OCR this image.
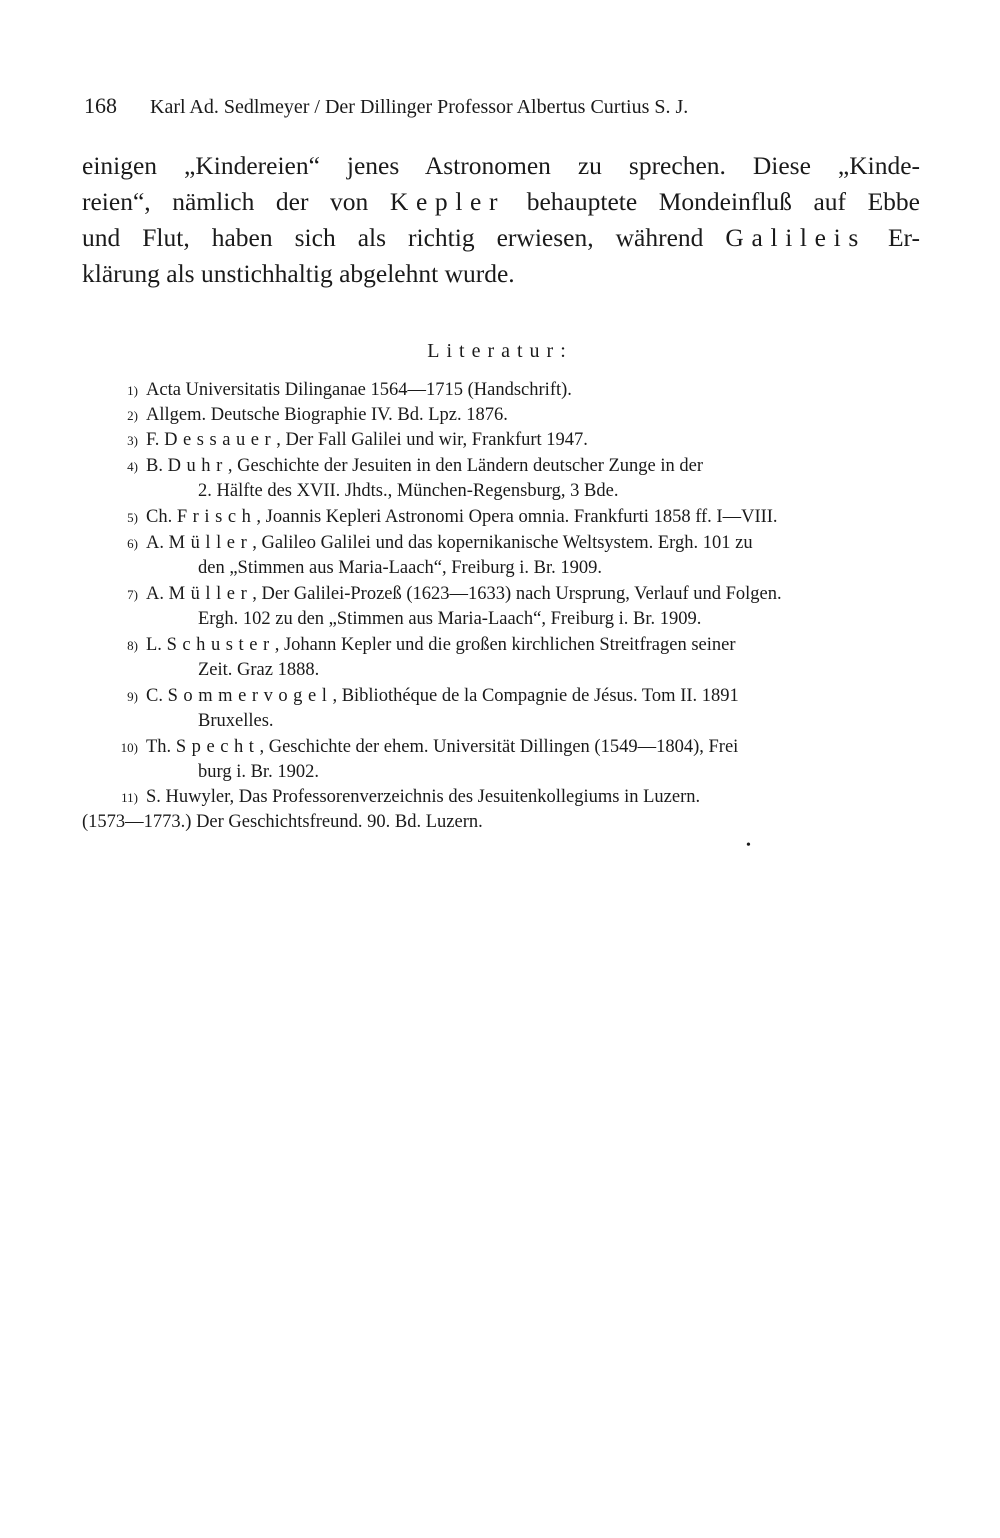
168 Karl Ad. Sedlmeyer / Der Dillinger Professor Albertus Curtius S. J.
einigen „Kindereien“ jenes Astronomen zu sprechen. Diese „Kinde-
reien“, nämlich der von Kepler behauptete Mondeinfluß auf Ebbe
und Flut, haben sich als richtig erwiesen, während Galileis Er-
klärung als unstichhaltig abgelehnt wurde.
Literatur:
1) Acta Universitatis Dilinganae 1564—1715 (Handschrift).
2) Allgem. Deutsche Biographie IV. Bd. Lpz. 1876.
3) F. Dessauer, Der Fall Galilei und wir, Frankfurt 1947.
4) B. Duhr, Geschichte der Jesuiten in den Ländern deutscher Zunge in der
2. Hälfte des XVII. Jhdts., München-Regensburg, 3 Bde.
5) Ch. Frisch, Joannis Kepleri Astronomi Opera omnia. Frankfurti 1858 ff. I—VIII.
6) A. Müller, Galileo Galilei und das kopernikanische Weltsystem. Ergh. 101 zu
den „Stimmen aus Maria-Laach“, Freiburg i. Br. 1909.
7) A. Müller, Der Galilei-Prozeß (1623—1633) nach Ursprung, Verlauf und Folgen.
Ergh. 102 zu den „Stimmen aus Maria-Laach“, Freiburg i. Br. 1909.
8) L. Schuster, Johann Kepler und die großen kirchlichen Streitfragen seiner
Zeit. Graz 1888.
9) C. Sommervogel, Bibliothéque de la Compagnie de Jésus. Tom II. 1891
Bruxelles.
10) Th. Specht, Geschichte der ehem. Universität Dillingen (1549—1804), Frei
burg i. Br. 1902.
11) S. Huwyler, Das Professorenverzeichnis des Jesuitenkollegiums in Luzern.
(1573—1773.) Der Geschichtsfreund. 90. Bd. Luzern.
•
